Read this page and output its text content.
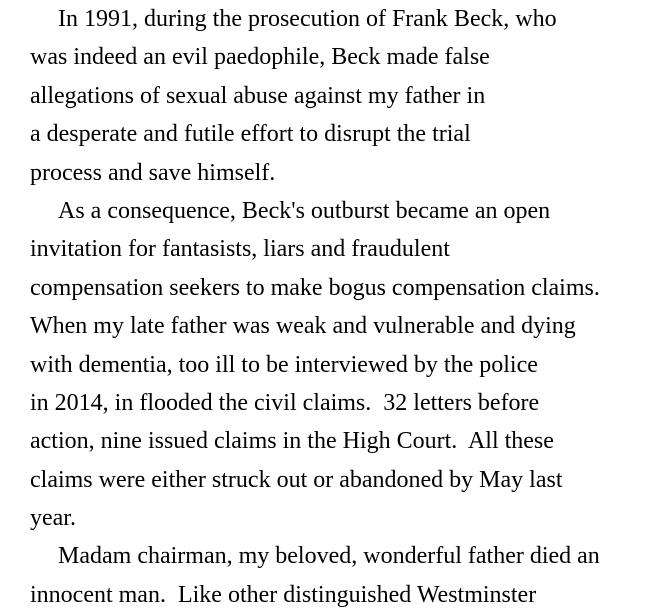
In 1991, during the prosecution of Frank Beck, who
was indeed an evil paedophile, Beck made false
allegations of sexual abuse against my father in
a desperate and futile effort to disrupt the trial
process and save himself.
As a consequence, Beck's outburst became an open
invitation for fantasists, liars and fraudulent
compensation seekers to make bogus compensation claims.
When my late father was weak and vulnerable and dying
with dementia, too ill to be interviewed by the police
in 2014, in flooded the civil claims.  32 letters before
action, nine issued claims in the High Court.  All these
claims were either struck out or abandoned by May last
year.
Madam chairman, my beloved, wonderful father died an
innocent man.  Like other distinguished Westminster
